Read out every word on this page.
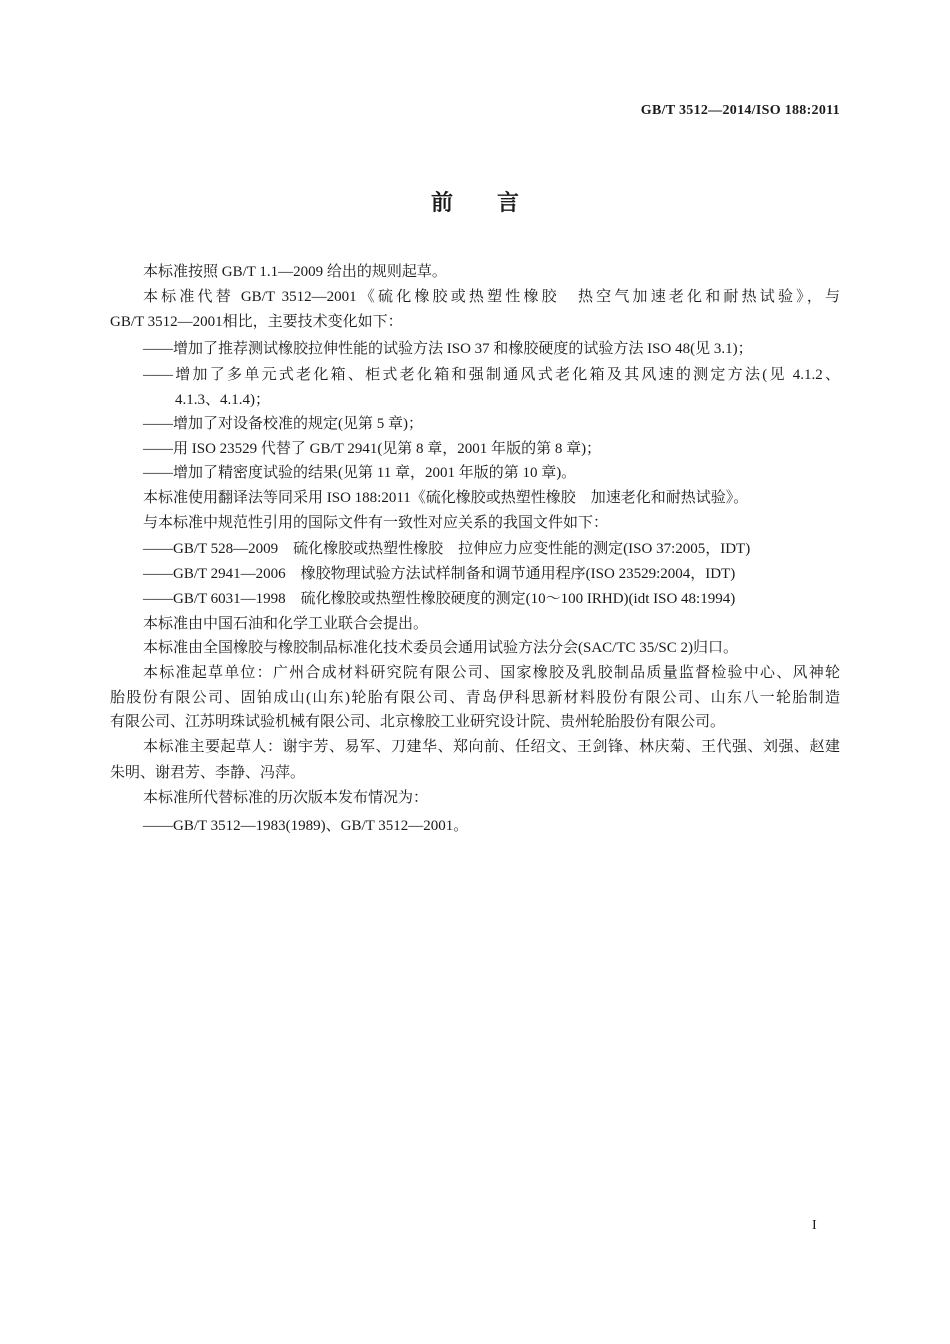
GB/T 3512—2014/ISO 188:2011
前言
本标准按照 GB/T 1.1—2009 给出的规则起草。
本标准代替 GB/T 3512—2001《硫化橡胶或热塑性橡胶　热空气加速老化和耐热试验》，与
GB/T 3512—2001相比，主要技术变化如下：
——增加了推荐测试橡胶拉伸性能的试验方法 ISO 37 和橡胶硬度的试验方法 ISO 48(见 3.1)；
——增加了多单元式老化箱、柜式老化箱和强制通风式老化箱及其风速的测定方法(见 4.1.2、
4.1.3、4.1.4)；
——增加了对设备校准的规定(见第 5 章)；
——用 ISO 23529 代替了 GB/T 2941(见第 8 章，2001 年版的第 8 章)；
——增加了精密度试验的结果(见第 11 章，2001 年版的第 10 章)。
本标准使用翻译法等同采用 ISO 188:2011《硫化橡胶或热塑性橡胶　加速老化和耐热试验》。
与本标准中规范性引用的国际文件有一致性对应关系的我国文件如下：
——GB/T 528—2009　硫化橡胶或热塑性橡胶　拉伸应力应变性能的测定(ISO 37:2005，IDT)
——GB/T 2941—2006　橡胶物理试验方法试样制备和调节通用程序(ISO 23529:2004，IDT)
——GB/T 6031—1998　硫化橡胶或热塑性橡胶硬度的测定(10～100 IRHD)(idt ISO 48:1994)
本标准由中国石油和化学工业联合会提出。
本标准由全国橡胶与橡胶制品标准化技术委员会通用试验方法分会(SAC/TC 35/SC 2)归口。
本标准起草单位：广州合成材料研究院有限公司、国家橡胶及乳胶制品质量监督检验中心、风神轮
胎股份有限公司、固铂成山(山东)轮胎有限公司、青岛伊科思新材料股份有限公司、山东八一轮胎制造
有限公司、江苏明珠试验机械有限公司、北京橡胶工业研究设计院、贵州轮胎股份有限公司。
本标准主要起草人：谢宇芳、易军、刀建华、郑向前、任绍文、王剑锋、林庆菊、王代强、刘强、赵建
朱明、谢君芳、李静、冯萍。
本标准所代替标准的历次版本发布情况为：
——GB/T 3512—1983(1989)、GB/T 3512—2001。
I
